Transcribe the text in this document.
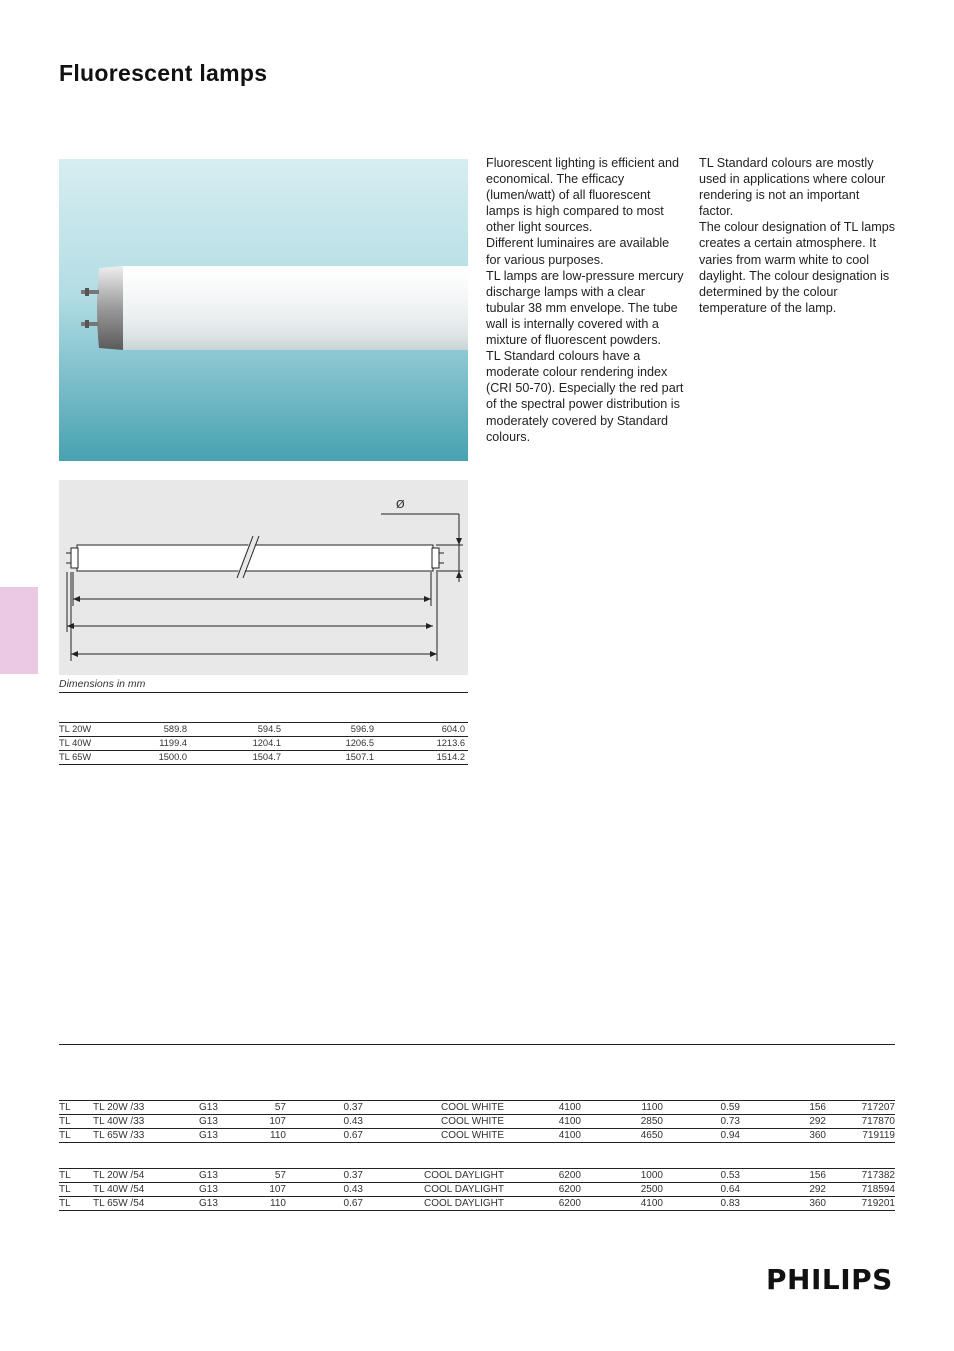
Fluorescent lamps

Fluorescent lighting is efficient and economical. The efficacy (lumen/watt) of all fluorescent lamps is high compared to most other light sources.

Different luminaires are available for various purposes.

TL lamps are low-pressure mercury discharge lamps with a clear tubular 38 mm envelope. The tube wall is internally covered with a mixture of fluorescent powders.

TL Standard colours have a moderate colour rendering index (CRI 50-70). Especially the red part of the spectral power distribution is moderately covered by Standard colours.

TL Standard colours are mostly used in applications where colour rendering is not an important factor.

The colour designation of TL lamps creates a certain atmosphere. It varies from warm white to cool daylight. The colour designation is determined by the colour temperature of the lamp.

Ø
Dimensions in mm
TL 20W	589.8	594.5	596.9	604.0
TL 40W	1199.4	1204.1	1206.5	1213.6
TL 65W	1500.0	1504.7	1507.1	1514.2
TL	TL 20W /33	G13	57	0.37	COOL WHITE	4100	1100	0.59	156	717207
TL	TL 40W /33	G13	107	0.43	COOL WHITE	4100	2850	0.73	292	717870
TL	TL 65W /33	G13	110	0.67	COOL WHITE	4100	4650	0.94	360	719119
TL	TL 20W /54	G13	57	0.37	COOL DAYLIGHT	6200	1000	0.53	156	717382
TL	TL 40W /54	G13	107	0.43	COOL DAYLIGHT	6200	2500	0.64	292	718594
TL	TL 65W /54	G13	110	0.67	COOL DAYLIGHT	6200	4100	0.83	360	719201
PHILIPS
